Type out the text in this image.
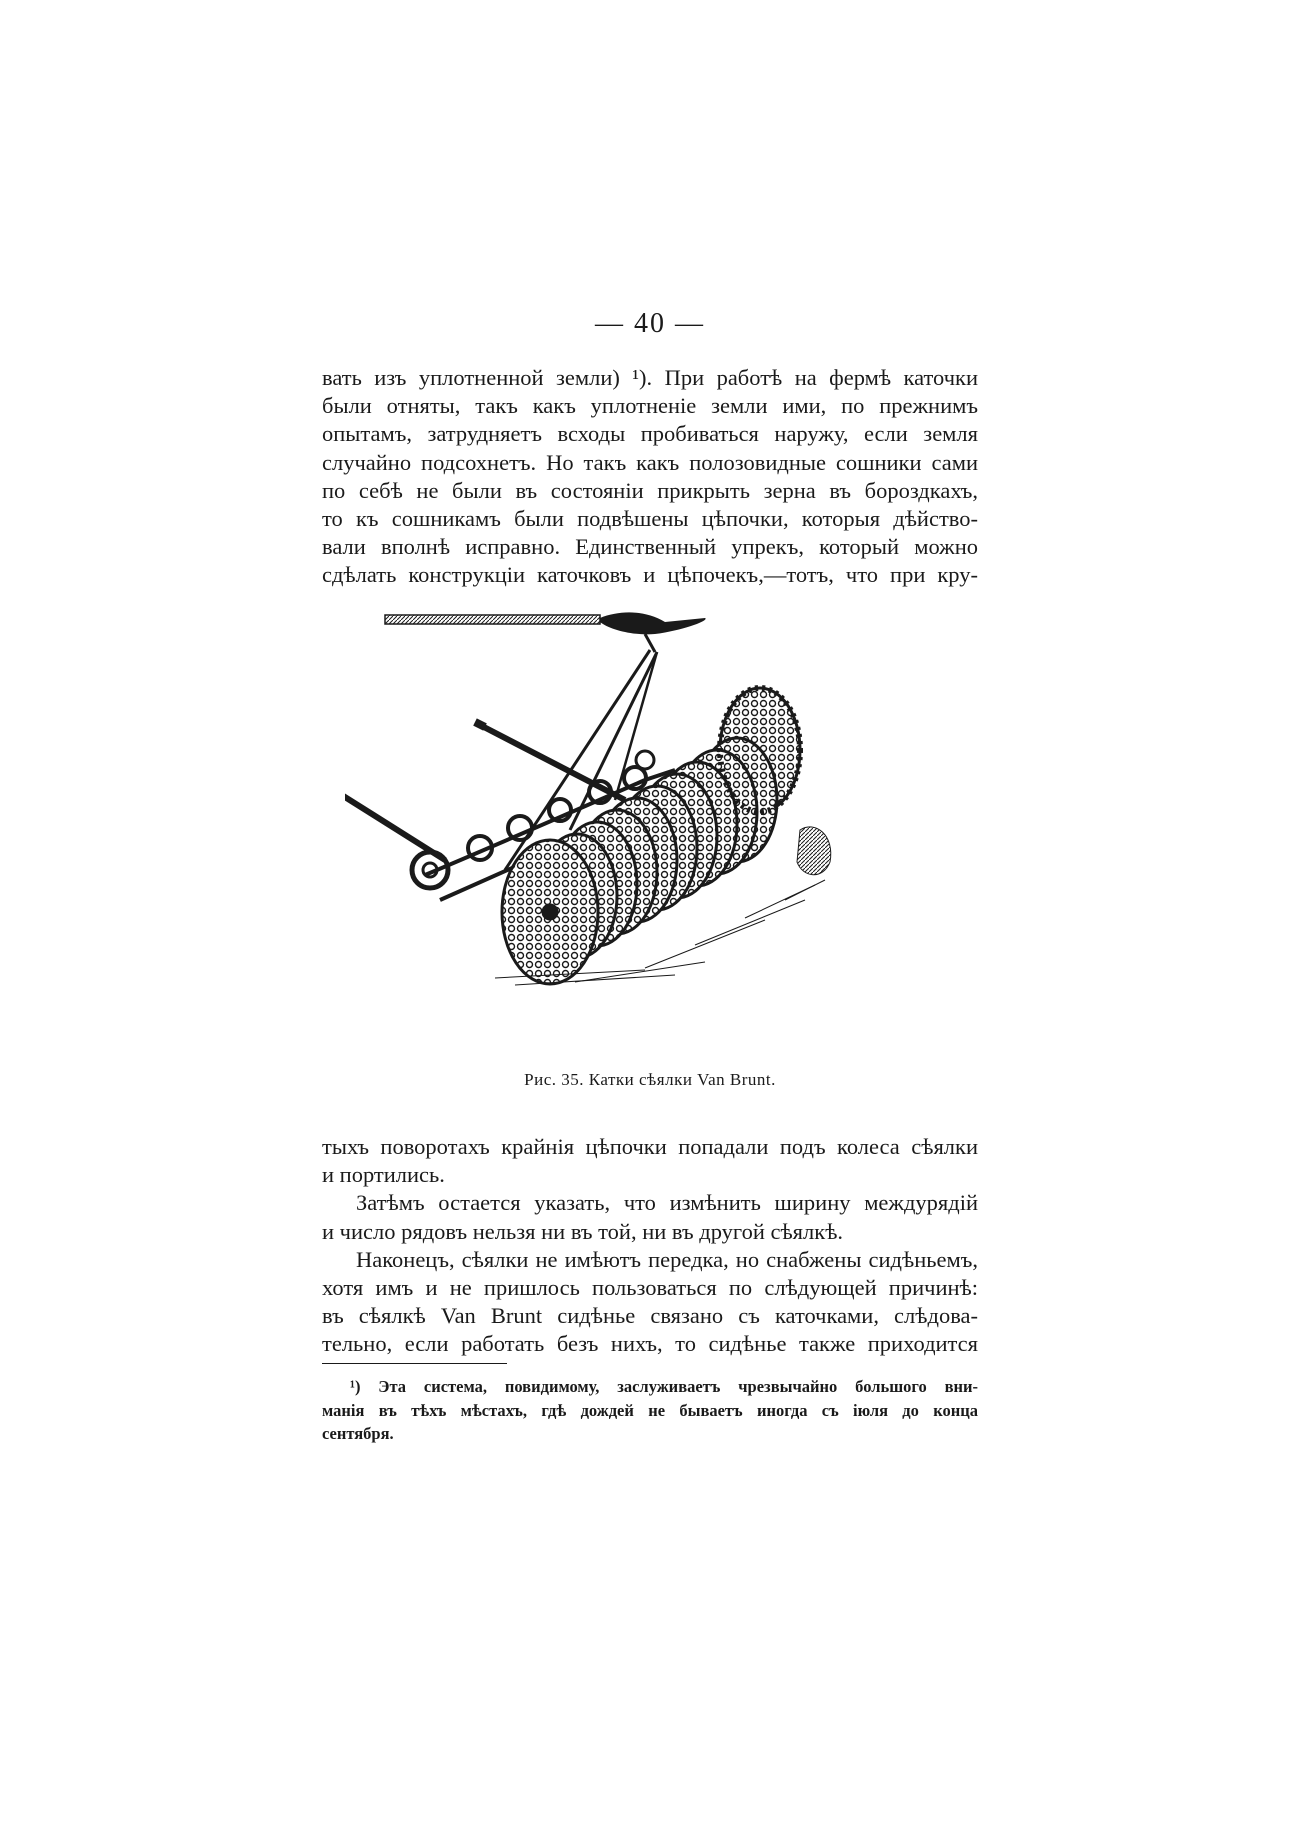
— 40 —
вать изъ уплотненной земли) ¹). При работѣ на фермѣ каточки
были отняты, такъ какъ уплотненіе земли ими, по прежнимъ
опытамъ, затрудняетъ всходы пробиваться наружу, если земля
случайно подсохнетъ. Но такъ какъ полозовидные сошники сами
по себѣ не были въ состояніи прикрыть зерна въ бороздкахъ,
то къ сошникамъ были подвѣшены цѣпочки, которыя дѣйство-
вали вполнѣ исправно. Единственный упрекъ, который можно
сдѣлать конструкціи каточковъ и цѣпочекъ,—тотъ, что при кру-
Рис. 35. Катки сѣялки Van Brunt.
тыхъ поворотахъ крайнія цѣпочки попадали подъ колеса сѣялки
и портились.
Затѣмъ остается указать, что измѣнить ширину междурядій
и число рядовъ нельзя ни въ той, ни въ другой сѣялкѣ.
Наконецъ, сѣялки не имѣютъ передка, но снабжены сидѣньемъ,
хотя имъ и не пришлось пользоваться по слѣдующей причинѣ:
въ сѣялкѣ Van Brunt сидѣнье связано съ каточками, слѣдова-
тельно, если работать безъ нихъ, то сидѣнье также приходится
¹) Эта система, повидимому, заслуживаетъ чрезвычайно большого вни-
манія въ тѣхъ мѣстахъ, гдѣ дождей не бываетъ иногда съ іюля до конца
сентября.
